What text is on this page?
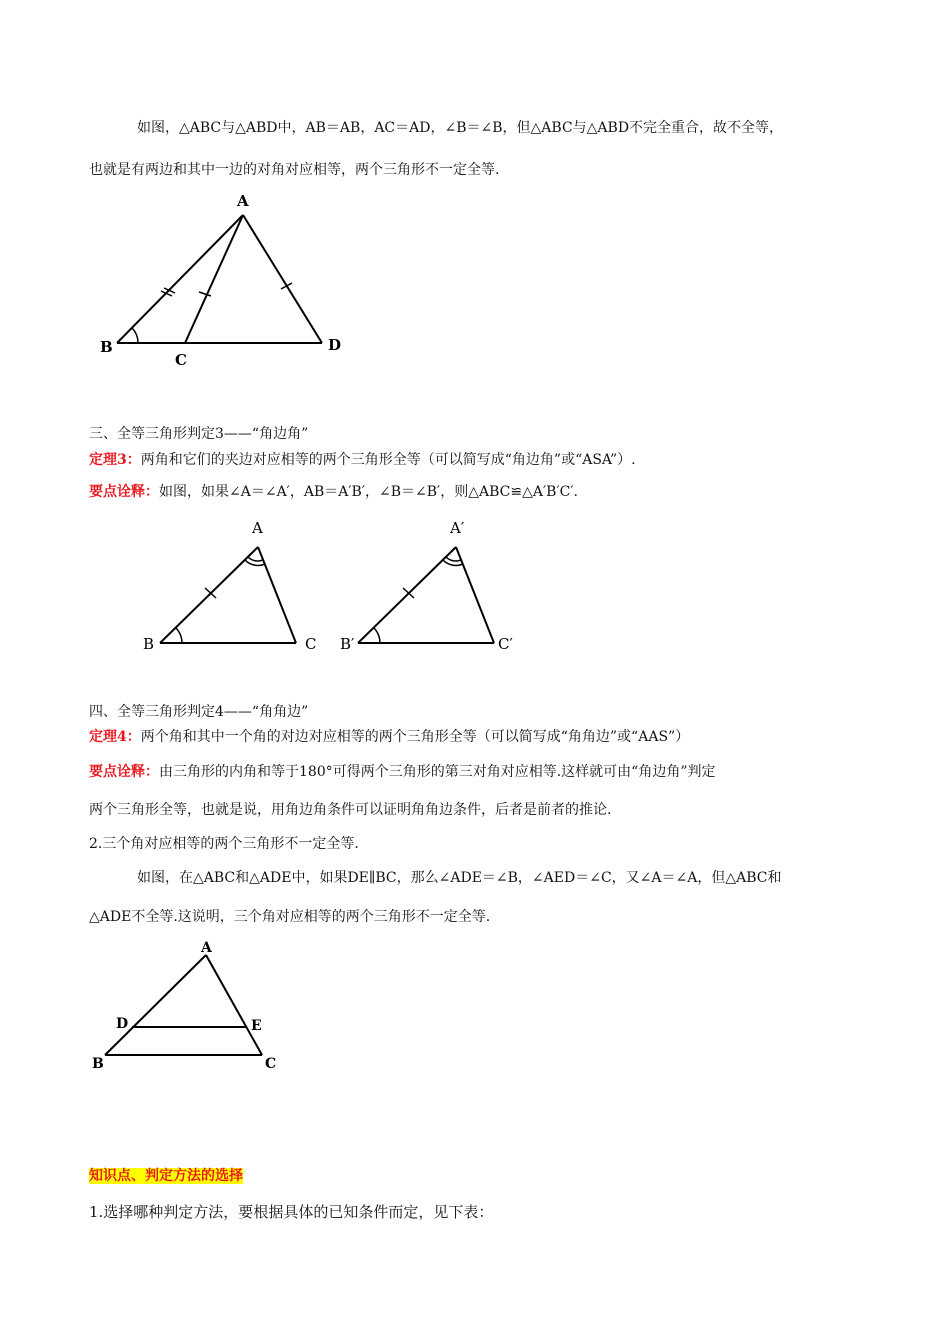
如图，△ABC与△ABD中，AB＝AB，AC＝AD，∠B＝∠B，但△ABC与△ABD不完全重合，故不全等，
也就是有两边和其中一边的对角对应相等，两个三角形不一定全等.
A
B
C
D
三、全等三角形判定3——“角边角”
定理3：两角和它们的夹边对应相等的两个三角形全等（可以简写成“角边角”或“ASA”）.
要点诠释：如图，如果∠A＝∠A′，AB＝A′B′，∠B＝∠B′，则△ABC≌△A′B′C′.
A
B	C
A′
B′	C′
四、全等三角形判定4——“角角边”
定理4：两个角和其中一个角的对边对应相等的两个三角形全等（可以简写成“角角边”或“AAS”）
要点诠释：由三角形的内角和等于180°可得两个三角形的第三对角对应相等.这样就可由“角边角”判定
两个三角形全等，也就是说，用角边角条件可以证明角角边条件，后者是前者的推论.
2.三个角对应相等的两个三角形不一定全等.
如图，在△ABC和△ADE中，如果DE∥BC，那么∠ADE＝∠B，∠AED＝∠C，又∠A＝∠A，但△ABC和
△ADE不全等.这说明，三个角对应相等的两个三角形不一定全等.
A
D	E
B	C
知识点、判定方法的选择
1.选择哪种判定方法，要根据具体的已知条件而定，见下表：
